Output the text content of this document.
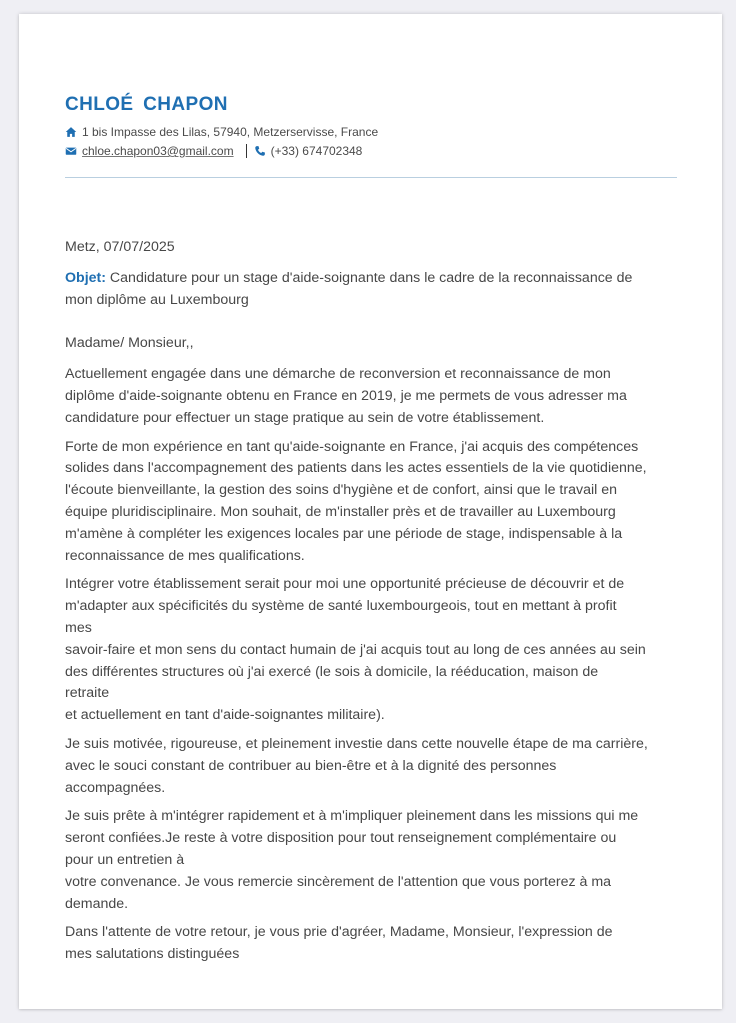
CHLOÉ CHAPON
1 bis Impasse des Lilas, 57940, Metzerservisse, France
chloe.chapon03@gmail.com	(+33) 674702348

Metz, 07/07/2025

Objet: Candidature pour un stage d'aide-soignante dans le cadre de la reconnaissance de
mon diplôme au Luxembourg

Madame/ Monsieur,,

Actuellement engagée dans une démarche de reconversion et reconnaissance de mon
diplôme d'aide-soignante obtenu en France en 2019, je me permets de vous adresser ma
candidature pour effectuer un stage pratique au sein de votre établissement.

Forte de mon expérience en tant qu'aide-soignante en France, j'ai acquis des compétences
solides dans l'accompagnement des patients dans les actes essentiels de la vie quotidienne,
l'écoute bienveillante, la gestion des soins d'hygiène et de confort, ainsi que le travail en
équipe pluridisciplinaire. Mon souhait, de m'installer près et de travailler au Luxembourg
m'amène à compléter les exigences locales par une période de stage, indispensable à la
reconnaissance de mes qualifications.

Intégrer votre établissement serait pour moi une opportunité précieuse de découvrir et de
m'adapter aux spécificités du système de santé luxembourgeois, tout en mettant à profit
mes
savoir-faire et mon sens du contact humain de j'ai acquis tout au long de ces années au sein
des différentes structures où j'ai exercé (le sois à domicile, la rééducation, maison de
retraite
et actuellement en tant d'aide-soignantes militaire).

Je suis motivée, rigoureuse, et pleinement investie dans cette nouvelle étape de ma carrière,
avec le souci constant de contribuer au bien-être et à la dignité des personnes
accompagnées.

Je suis prête à m'intégrer rapidement et à m'impliquer pleinement dans les missions qui me
seront confiées.Je reste à votre disposition pour tout renseignement complémentaire ou
pour un entretien à
votre convenance. Je vous remercie sincèrement de l'attention que vous porterez à ma
demande.

Dans l'attente de votre retour, je vous prie d'agréer, Madame, Monsieur, l'expression de
mes salutations distinguées
